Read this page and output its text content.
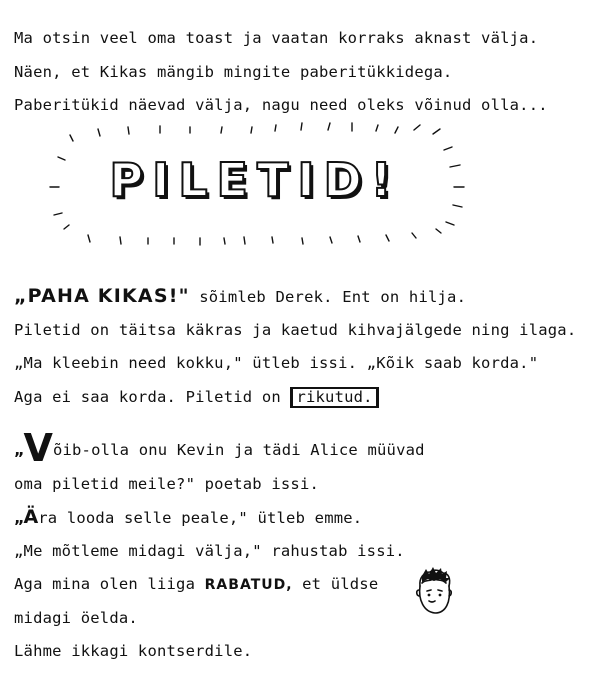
Ma otsin veel oma toast ja vaatan korraks aknast välja.
Näen, et Kikas mängib mingite paberitükkidega.
Paberitükid näevad välja, nagu need oleks võinud olla...
PILETID!
„PAHA KIKAS!" sõimleb Derek. Ent on hilja.
Piletid on täitsa käkras ja kaetud kihvajälgede ning ilaga.
„Ma kleebin need kokku," ütleb issi. „Kõik saab korda."
Aga ei saa korda. Piletid on rikutud.
„Võib-olla onu Kevin ja tädi Alice müüvad
oma piletid meile?" poetab issi.
„Ära looda selle peale," ütleb emme.
„Me mõtleme midagi välja," rahustab issi.
Aga mina olen liiga RABATUD, et üldse
midagi öelda.
Lähme ikkagi kontserdile.
